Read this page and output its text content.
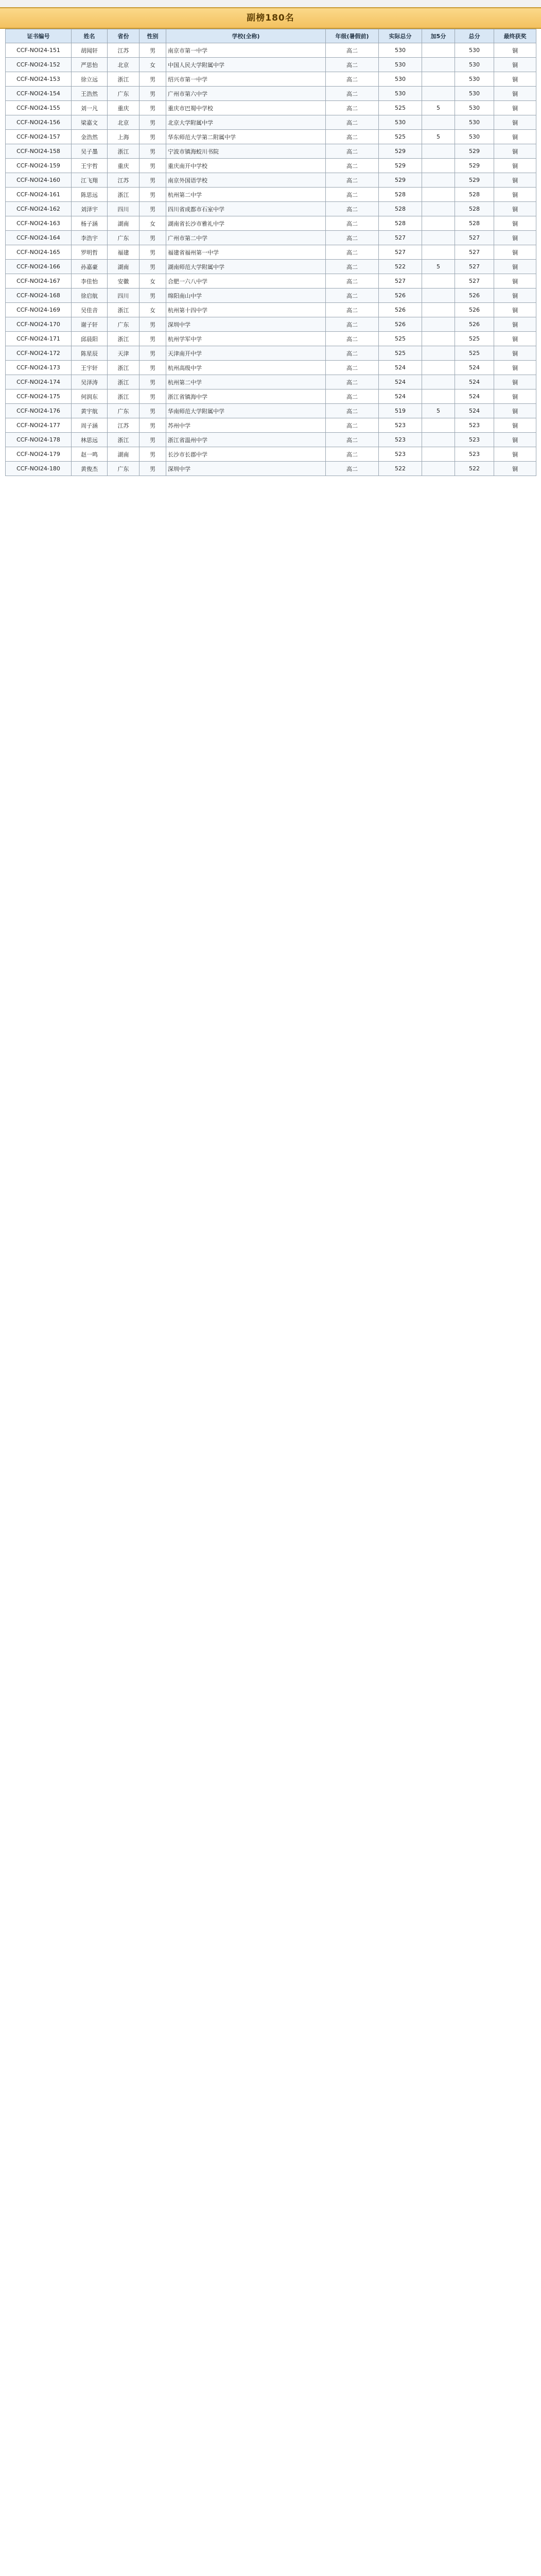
副榜180名
证书编号	姓名	省份	性别	学校(全称)	年级(暑假前)	实际总分	加5分	总分	最终获奖
CCF-NOI24-151	胡闻轩	江苏	男	南京市第一中学	高二	530		530	铜
CCF-NOI24-152	严思怡	北京	女	中国人民大学附属中学	高二	530		530	铜
CCF-NOI24-153	徐立远	浙江	男	绍兴市第一中学	高二	530		530	铜
CCF-NOI24-154	王浩然	广东	男	广州市第六中学	高二	530		530	铜
CCF-NOI24-155	刘一凡	重庆	男	重庆市巴蜀中学校	高二	525	5	530	铜
CCF-NOI24-156	梁嘉文	北京	男	北京大学附属中学	高二	530		530	铜
CCF-NOI24-157	金浩然	上海	男	华东师范大学第二附属中学	高二	525	5	530	铜
CCF-NOI24-158	吴子墨	浙江	男	宁波市镇海蛟川书院	高二	529		529	铜
CCF-NOI24-159	王宇哲	重庆	男	重庆南开中学校	高二	529		529	铜
CCF-NOI24-160	江飞翔	江苏	男	南京外国语学校	高二	529		529	铜
CCF-NOI24-161	陈思远	浙江	男	杭州第二中学	高二	528		528	铜
CCF-NOI24-162	刘泽宇	四川	男	四川省成都市石室中学	高二	528		528	铜
CCF-NOI24-163	杨子涵	湖南	女	湖南省长沙市雅礼中学	高二	528		528	铜
CCF-NOI24-164	李浩宇	广东	男	广州市第二中学	高二	527		527	铜
CCF-NOI24-165	罗明哲	福建	男	福建省福州第一中学	高二	527		527	铜
CCF-NOI24-166	孙嘉豪	湖南	男	湖南师范大学附属中学	高二	522	5	527	铜
CCF-NOI24-167	李佳怡	安徽	女	合肥一六八中学	高二	527		527	铜
CCF-NOI24-168	徐启航	四川	男	绵阳南山中学	高二	526		526	铜
CCF-NOI24-169	吴佳音	浙江	女	杭州第十四中学	高二	526		526	铜
CCF-NOI24-170	谢子轩	广东	男	深圳中学	高二	526		526	铜
CCF-NOI24-171	邱晨阳	浙江	男	杭州学军中学	高二	525		525	铜
CCF-NOI24-172	陈星辰	天津	男	天津南开中学	高二	525		525	铜
CCF-NOI24-173	王宇轩	浙江	男	杭州高级中学	高二	524		524	铜
CCF-NOI24-174	吴泽涛	浙江	男	杭州第二中学	高二	524		524	铜
CCF-NOI24-175	何润东	浙江	男	浙江省镇海中学	高二	524		524	铜
CCF-NOI24-176	黄宇航	广东	男	华南师范大学附属中学	高二	519	5	524	铜
CCF-NOI24-177	周子涵	江苏	男	苏州中学	高二	523		523	铜
CCF-NOI24-178	林思远	浙江	男	浙江省温州中学	高二	523		523	铜
CCF-NOI24-179	赵一鸣	湖南	男	长沙市长郡中学	高二	523		523	铜
CCF-NOI24-180	黄俊杰	广东	男	深圳中学	高二	522		522	铜
